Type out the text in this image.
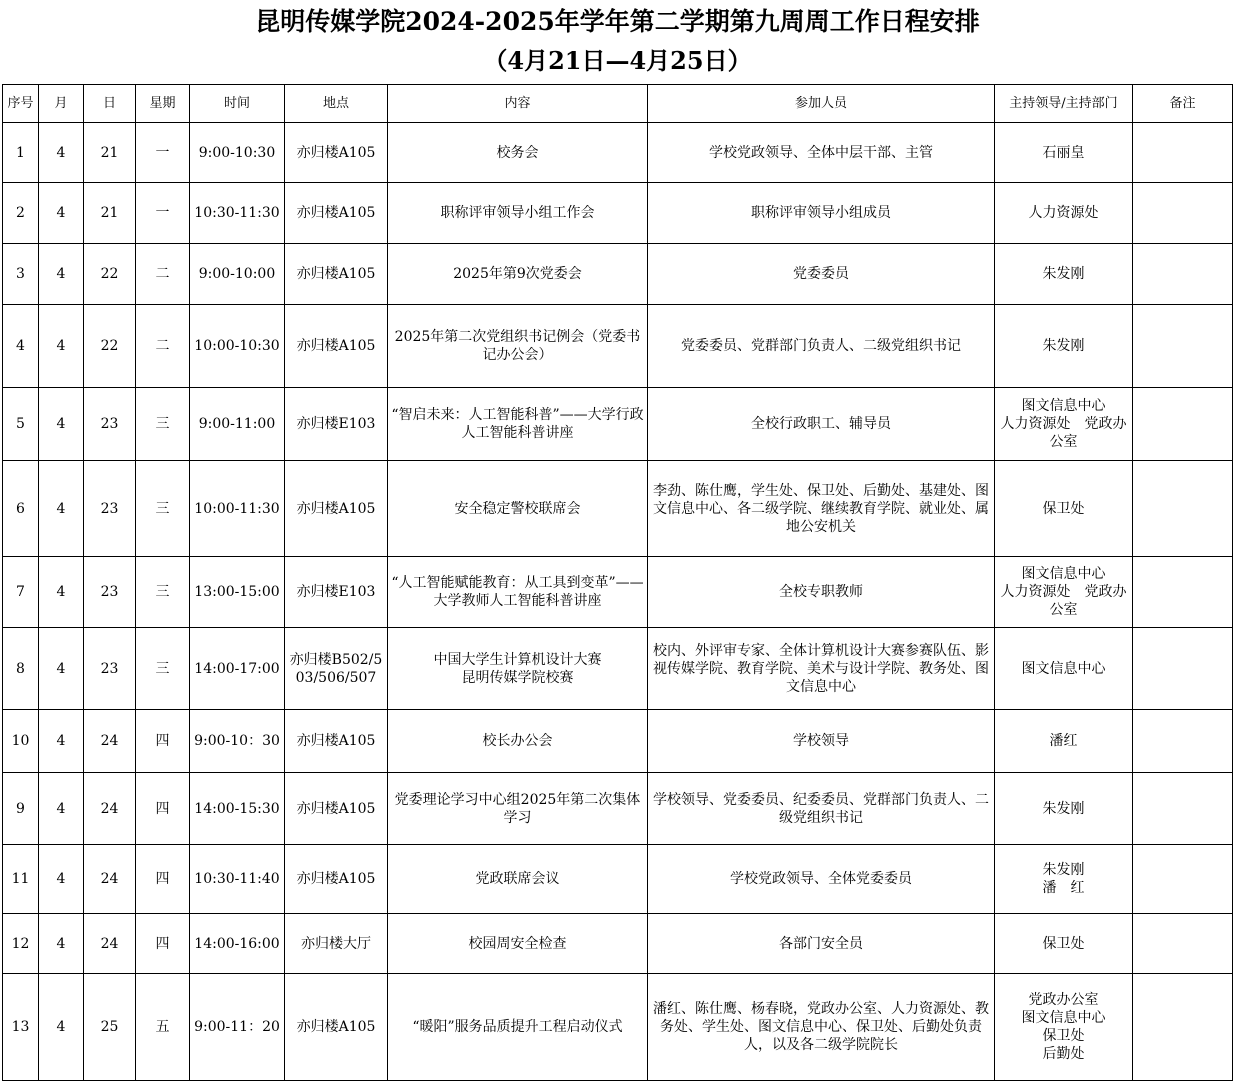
昆明传媒学院2024-2025年学年第二学期第九周周工作日程安排
（4月21日—4月25日）
序号	月	日	星期	时间	地点	内容	参加人员	主持领导/主持部门	备注
1	4	21	一	9:00-10:30	亦归楼A105	校务会	学校党政领导、全体中层干部、主管	石丽皇	
2	4	21	一	10:30-11:30	亦归楼A105	职称评审领导小组工作会	职称评审领导小组成员	人力资源处	
3	4	22	二	9:00-10:00	亦归楼A105	2025年第9次党委会	党委委员	朱发刚	
4	4	22	二	10:00-10:30	亦归楼A105	2025年第二次党组织书记例会（党委书记办公会）	党委委员、党群部门负责人、二级党组织书记	朱发刚	
5	4	23	三	9:00-11:00	亦归楼E103	“智启未来：人工智能科普”——大学行政人工智能科普讲座	全校行政职工、辅导员	图文信息中心
人力资源处　党政办公室	
6	4	23	三	10:00-11:30	亦归楼A105	安全稳定警校联席会	李劲、陈仕鹰，学生处、保卫处、后勤处、基建处、图文信息中心、各二级学院、继续教育学院、就业处、属地公安机关	保卫处	
7	4	23	三	13:00-15:00	亦归楼E103	“人工智能赋能教育：从工具到变革”——大学教师人工智能科普讲座	全校专职教师	图文信息中心
人力资源处　党政办公室	
8	4	23	三	14:00-17:00	亦归楼B502/503/506/507	中国大学生计算机设计大赛
昆明传媒学院校赛	校内、外评审专家、全体计算机设计大赛参赛队伍、影视传媒学院、教育学院、美术与设计学院、教务处、图文信息中心	图文信息中心	
10	4	24	四	9:00-10：30	亦归楼A105	校长办公会	学校领导	潘红	
9	4	24	四	14:00-15:30	亦归楼A105	党委理论学习中心组2025年第二次集体学习	学校领导、党委委员、纪委委员、党群部门负责人、二级党组织书记	朱发刚	
11	4	24	四	10:30-11:40	亦归楼A105	党政联席会议	学校党政领导、全体党委委员	朱发刚
潘　红	
12	4	24	四	14:00-16:00	亦归楼大厅	校园周安全检查	各部门安全员	保卫处	
13	4	25	五	9:00-11：20	亦归楼A105	“暖阳”服务品质提升工程启动仪式	潘红、陈仕鹰、杨春晓，党政办公室、人力资源处、教务处、学生处、图文信息中心、保卫处、后勤处负责人，以及各二级学院院长	党政办公室
图文信息中心
保卫处
后勤处	
